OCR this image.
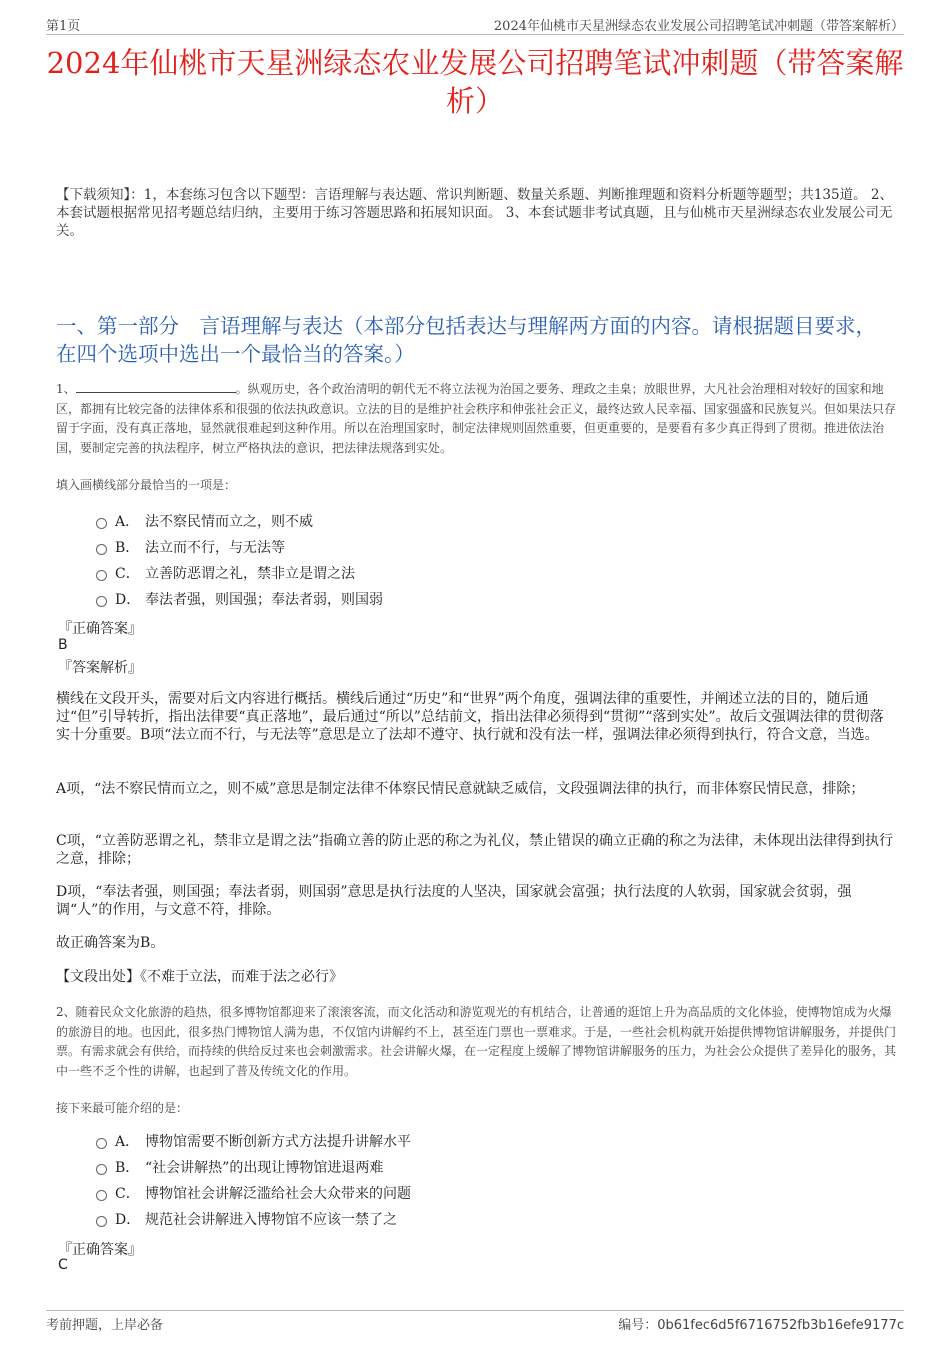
第1页	2024年仙桃市天星洲绿态农业发展公司招聘笔试冲刺题（带答案解析）
2024年仙桃市天星洲绿态农业发展公司招聘笔试冲刺题（带答案解析）
【下载须知】：1，本套练习包含以下题型：言语理解与表达题、常识判断题、数量关系题、判断推理题和资料分析题等题型；共135道。 2、本套试题根据常见招考题总结归纳，主要用于练习答题思路和拓展知识面。 3、本套试题非考试真题，且与仙桃市天星洲绿态农业发展公司无关。
一、第一部分　言语理解与表达（本部分包括表达与理解两方面的内容。请根据题目要求，在四个选项中选出一个最恰当的答案。）
1、	。纵观历史，各个政治清明的朝代无不将立法视为治国之要务、理政之圭臬；放眼世界，大凡社会治理相对较好的国家和地区，都拥有比较完备的法律体系和很强的依法执政意识。立法的目的是维护社会秩序和伸张社会正义，最终达致人民幸福、国家强盛和民族复兴。但如果法只存留于字面，没有真正落地，显然就很难起到这种作用。所以在治理国家时，制定法律规则固然重要，但更重要的，是要看有多少真正得到了贯彻。推进依法治国，要制定完善的执法程序，树立严格执法的意识，把法律法规落到实处。
填入画横线部分最恰当的一项是：
A． 法不察民情而立之，则不威
B． 法立而不行，与无法等
C． 立善防恶谓之礼，禁非立是谓之法
D． 奉法者强，则国强；奉法者弱，则国弱
『正确答案』
B
『答案解析』
横线在文段开头，需要对后文内容进行概括。横线后通过“历史”和“世界”两个角度，强调法律的重要性，并阐述立法的目的，随后通过“但”引导转折，指出法律要“真正落地”，最后通过“所以”总结前文，指出法律必须得到“贯彻”“落到实处”。故后文强调法律的贯彻落实十分重要。B项“法立而不行，与无法等”意思是立了法却不遵守、执行就和没有法一样，强调法律必须得到执行，符合文意，当选。
A项，“法不察民情而立之，则不威”意思是制定法律不体察民情民意就缺乏威信，文段强调法律的执行，而非体察民情民意，排除；
C项，“立善防恶谓之礼，禁非立是谓之法”指确立善的防止恶的称之为礼仪，禁止错误的确立正确的称之为法律，未体现出法律得到执行之意，排除；
D项，“奉法者强，则国强；奉法者弱，则国弱”意思是执行法度的人坚决，国家就会富强；执行法度的人软弱，国家就会贫弱，强调“人”的作用，与文意不符，排除。
故正确答案为B。
【文段出处】《不难于立法，而难于法之必行》
2、随着民众文化旅游的趋热，很多博物馆都迎来了滚滚客流，而文化活动和游览观光的有机结合，让普通的逛馆上升为高品质的文化体验，使博物馆成为火爆的旅游目的地。也因此，很多热门博物馆人满为患，不仅馆内讲解约不上，甚至连门票也一票难求。于是，一些社会机构就开始提供博物馆讲解服务，并提供门票。有需求就会有供给，而持续的供给反过来也会刺激需求。社会讲解火爆，在一定程度上缓解了博物馆讲解服务的压力，为社会公众提供了差异化的服务，其中一些不乏个性的讲解，也起到了普及传统文化的作用。
接下来最可能介绍的是：
A． 博物馆需要不断创新方式方法提升讲解水平
B． “社会讲解热”的出现让博物馆进退两难
C． 博物馆社会讲解泛滥给社会大众带来的问题
D． 规范社会讲解进入博物馆不应该一禁了之
『正确答案』
C
考前押题，上岸必备	编号：0b61fec6d5f6716752fb3b16efe9177c
